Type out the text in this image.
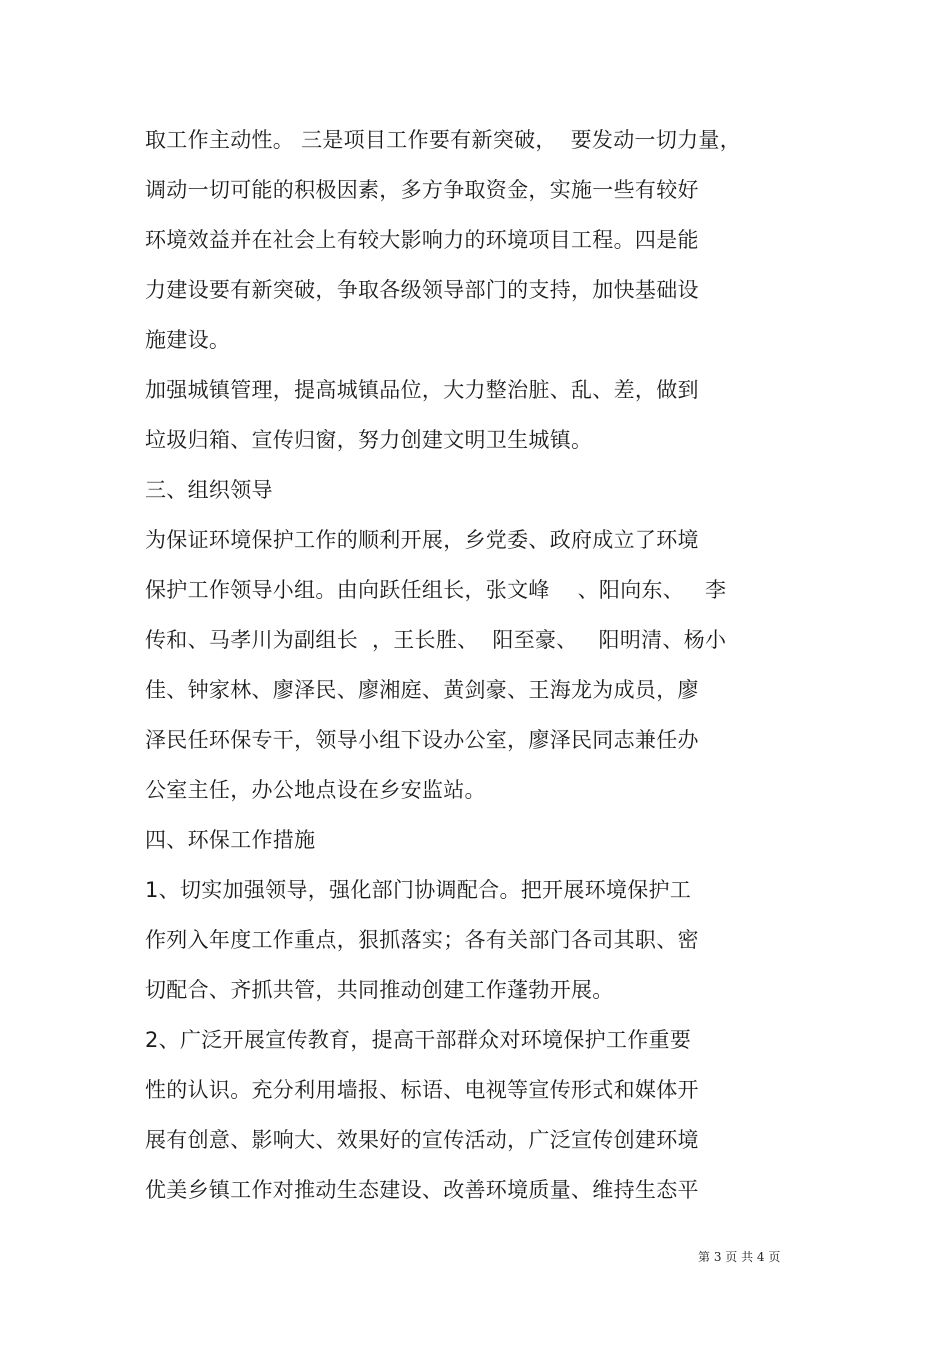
取工作主动性。 三是项目工作要有新突破，  要发动一切力量，
调动一切可能的积极因素，多方争取资金，实施一些有较好
环境效益并在社会上有较大影响力的环境项目工程。四是能
力建设要有新突破，争取各级领导部门的支持，加快基础设
施建设。
加强城镇管理，提高城镇品位，大力整治脏、乱、差，做到
垃圾归箱、宣传归窗，努力创建文明卫生城镇。
三、组织领导
为保证环境保护工作的顺利开展，乡党委、政府成立了环境
保护工作领导小组。由向跃任组长，张文峰    、阳向东、   李
传和、马孝川为副组长  ，王长胜、  阳至豪、   阳明清、杨小
佳、钟家林、廖泽民、廖湘庭、黄剑豪、王海龙为成员，廖
泽民任环保专干，领导小组下设办公室，廖泽民同志兼任办
公室主任，办公地点设在乡安监站。
四、环保工作措施
1、切实加强领导，强化部门协调配合。把开展环境保护工
作列入年度工作重点，狠抓落实；各有关部门各司其职、密
切配合、齐抓共管，共同推动创建工作蓬勃开展。
2、广泛开展宣传教育，提高干部群众对环境保护工作重要
性的认识。充分利用墙报、标语、电视等宣传形式和媒体开
展有创意、影响大、效果好的宣传活动，广泛宣传创建环境
优美乡镇工作对推动生态建设、改善环境质量、维持生态平
第 3 页 共 4 页
